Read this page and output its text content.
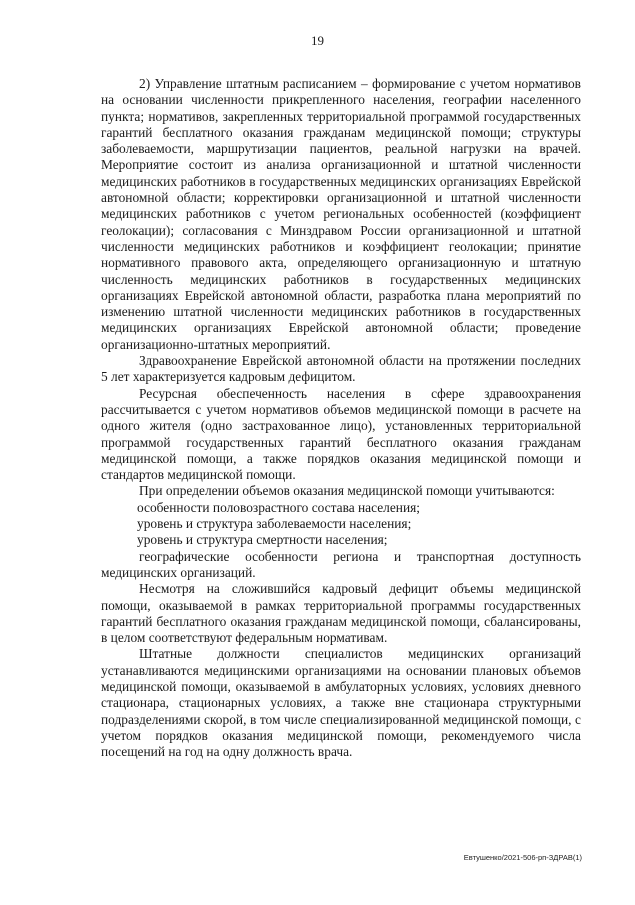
19

2) Управление штатным расписанием – формирование с учетом нормативов на основании численности прикрепленного населения, географии населенного пункта; нормативов, закрепленных территориальной программой государственных гарантий бесплатного оказания гражданам медицинской помощи; структуры заболеваемости, маршрутизации пациентов, реальной нагрузки на врачей. Мероприятие состоит из анализа организационной и штатной численности медицинских работников в государственных медицинских организациях Еврейской автономной области; корректировки организационной и штатной численности медицинских работников с учетом региональных особенностей (коэффициент геолокации); согласования с Минздравом России организационной и штатной численности медицинских работников и коэффициент геолокации; принятие нормативного правового акта, определяющего организационную и штатную численность медицинских работников в государственных медицинских организациях Еврейской автономной области, разработка плана мероприятий по изменению штатной численности медицинских работников в государственных медицинских организациях Еврейской автономной области; проведение организационно-штатных мероприятий.

Здравоохранение Еврейской автономной области на протяжении последних 5 лет характеризуется кадровым дефицитом.

Ресурсная обеспеченность населения в сфере здравоохранения рассчитывается с учетом нормативов объемов медицинской помощи в расчете на одного жителя (одно застрахованное лицо), установленных территориальной программой государственных гарантий бесплатного оказания гражданам медицинской помощи, а также порядков оказания медицинской помощи и стандартов медицинской помощи.

При определении объемов оказания медицинской помощи учитываются:

особенности половозрастного состава населения;

уровень и структура заболеваемости населения;

уровень и структура смертности населения;

географические особенности региона и транспортная доступность медицинских организаций.

Несмотря на сложившийся кадровый дефицит объемы медицинской помощи, оказываемой в рамках территориальной программы государственных гарантий бесплатного оказания гражданам медицинской помощи, сбалансированы, в целом соответствуют федеральным нормативам.

Штатные должности специалистов медицинских организаций устанавливаются медицинскими организациями на основании плановых объемов медицинской помощи, оказываемой в амбулаторных условиях, условиях дневного стационара, стационарных условиях, а также вне стационара структурными подразделениями скорой, в том числе специализированной медицинской помощи, с учетом порядков оказания медицинской помощи, рекомендуемого числа посещений на год на одну должность врача.

Евтушенко/2021-506-рп-ЗДРАВ(1)
